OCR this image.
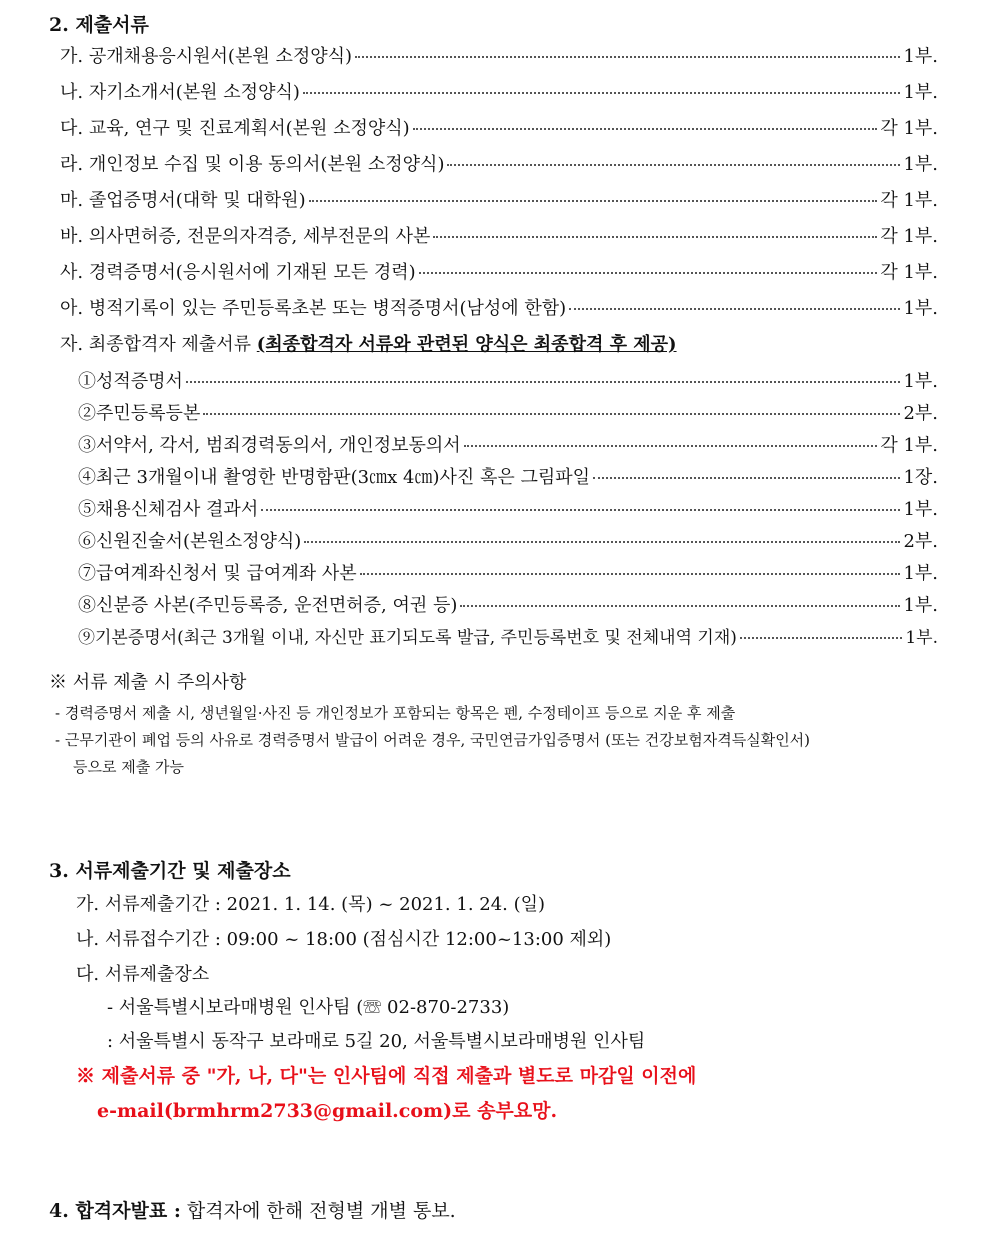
2. 제출서류
가. 공개채용응시원서(본원 소정양식)	1부.
나. 자기소개서(본원 소정양식)	1부.
다. 교육, 연구 및 진료계획서(본원 소정양식)	각 1부.
라. 개인정보 수집 및 이용 동의서(본원 소정양식)	1부.
마. 졸업증명서(대학 및 대학원)	각 1부.
바. 의사면허증, 전문의자격증, 세부전문의 사본	각 1부.
사. 경력증명서(응시원서에 기재된 모든 경력)	각 1부.
아. 병적기록이 있는 주민등록초본 또는 병적증명서(남성에 한함)	1부.
자. 최종합격자 제출서류 (최종합격자 서류와 관련된 양식은 최종합격 후 제공)
①성적증명서	1부.
②주민등록등본	2부.
③서약서, 각서, 범죄경력동의서, 개인정보동의서	각 1부.
④최근 3개월이내 촬영한 반명함판(3㎝x 4㎝)사진 혹은 그림파일	1장.
⑤채용신체검사 결과서	1부.
⑥신원진술서(본원소정양식)	2부.
⑦급여계좌신청서 및 급여계좌 사본	1부.
⑧신분증 사본(주민등록증, 운전면허증, 여권 등)	1부.
⑨기본증명서(최근 3개월 이내, 자신만 표기되도록 발급, 주민등록번호 및 전체내역 기재)	1부.
※ 서류 제출 시 주의사항
- 경력증명서 제출 시, 생년월일·사진 등 개인정보가 포함되는 항목은 펜, 수정테이프 등으로 지운 후 제출
- 근무기관이 폐업 등의 사유로 경력증명서 발급이 어려운 경우, 국민연금가입증명서 (또는 건강보험자격득실확인서)
등으로 제출 가능
3. 서류제출기간 및 제출장소
가. 서류제출기간 : 2021. 1. 14. (목) ~ 2021. 1. 24. (일)
나. 서류접수기간 : 09:00 ~ 18:00 (점심시간 12:00~13:00 제외)
다. 서류제출장소
- 서울특별시보라매병원 인사팀 (☏ 02-870-2733)
: 서울특별시 동작구 보라매로 5길 20, 서울특별시보라매병원 인사팀
※ 제출서류 중 "가, 나, 다"는 인사팀에 직접 제출과 별도로 마감일 이전에
e-mail(brmhrm2733@gmail.com)로 송부요망.
4. 합격자발표 : 합격자에 한해 전형별 개별 통보.
